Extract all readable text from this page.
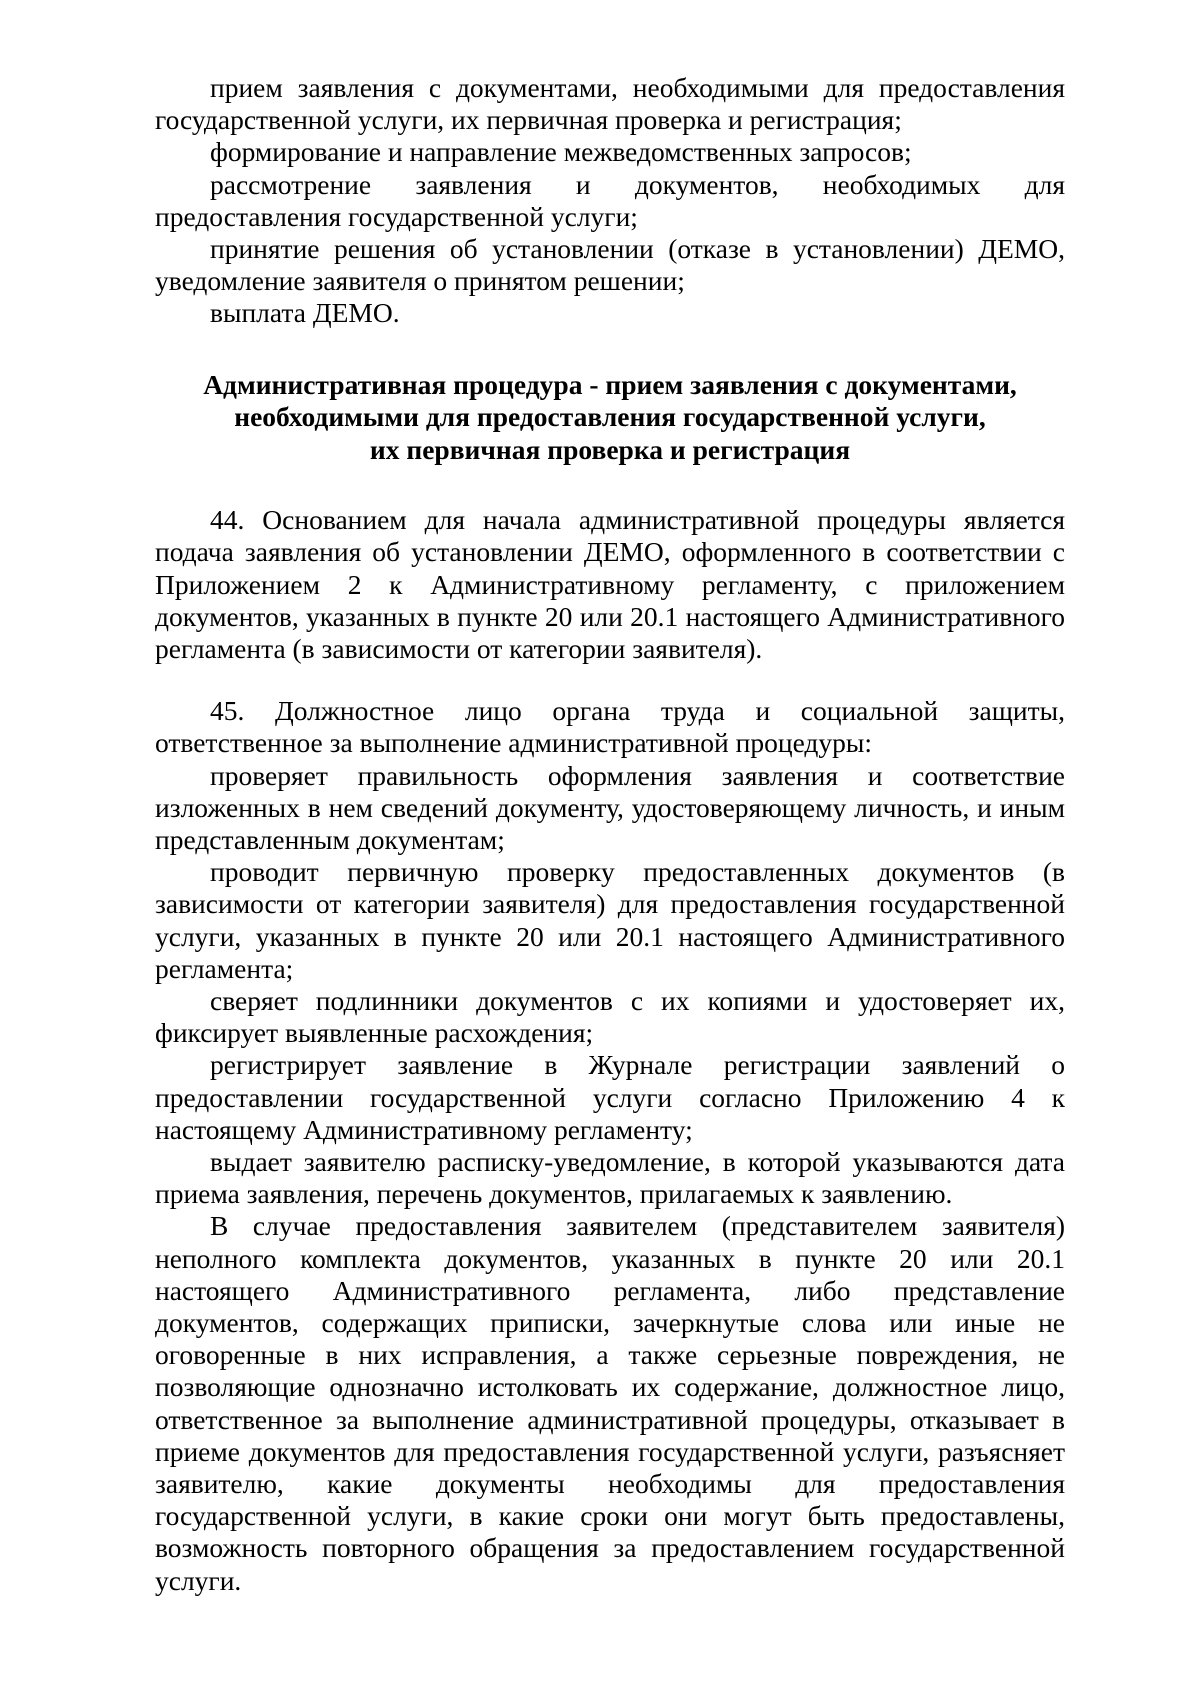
прием заявления с документами, необходимыми для предоставления государственной услуги, их первичная проверка и регистрация;

формирование и направление межведомственных запросов;

рассмотрение заявления и документов, необходимых для предоставления государственной услуги;

принятие решения об установлении (отказе в установлении) ДЕМО, уведомление заявителя о принятом решении;

выплата ДЕМО.

Административная процедура - прием заявления с документами,
необходимыми для предоставления государственной услуги,
их первичная проверка и регистрация

44. Основанием для начала административной процедуры является подача заявления об установлении ДЕМО, оформленного в соответствии с Приложением 2 к Административному регламенту, с приложением документов, указанных в пункте 20 или 20.1 настоящего Административного регламента (в зависимости от категории заявителя).

45. Должностное лицо органа труда и социальной защиты, ответственное за выполнение административной процедуры:

проверяет правильность оформления заявления и соответствие изложенных в нем сведений документу, удостоверяющему личность, и иным представленным документам;

проводит первичную проверку предоставленных документов (в зависимости от категории заявителя) для предоставления государственной услуги, указанных в пункте 20 или 20.1 настоящего Административного регламента;

сверяет подлинники документов с их копиями и удостоверяет их, фиксирует выявленные расхождения;

регистрирует заявление в Журнале регистрации заявлений о предоставлении государственной услуги согласно Приложению 4 к настоящему Административному регламенту;

выдает заявителю расписку-уведомление, в которой указываются дата приема заявления, перечень документов, прилагаемых к заявлению.

В случае предоставления заявителем (представителем заявителя) неполного комплекта документов, указанных в пункте 20 или 20.1 настоящего Административного регламента, либо представление документов, содержащих приписки, зачеркнутые слова или иные не оговоренные в них исправления, а также серьезные повреждения, не позволяющие однозначно истолковать их содержание, должностное лицо, ответственное за выполнение административной процедуры, отказывает в приеме документов для предоставления государственной услуги, разъясняет заявителю, какие документы необходимы для предоставления государственной услуги, в какие сроки они могут быть предоставлены, возможность повторного обращения за предоставлением государственной услуги.
